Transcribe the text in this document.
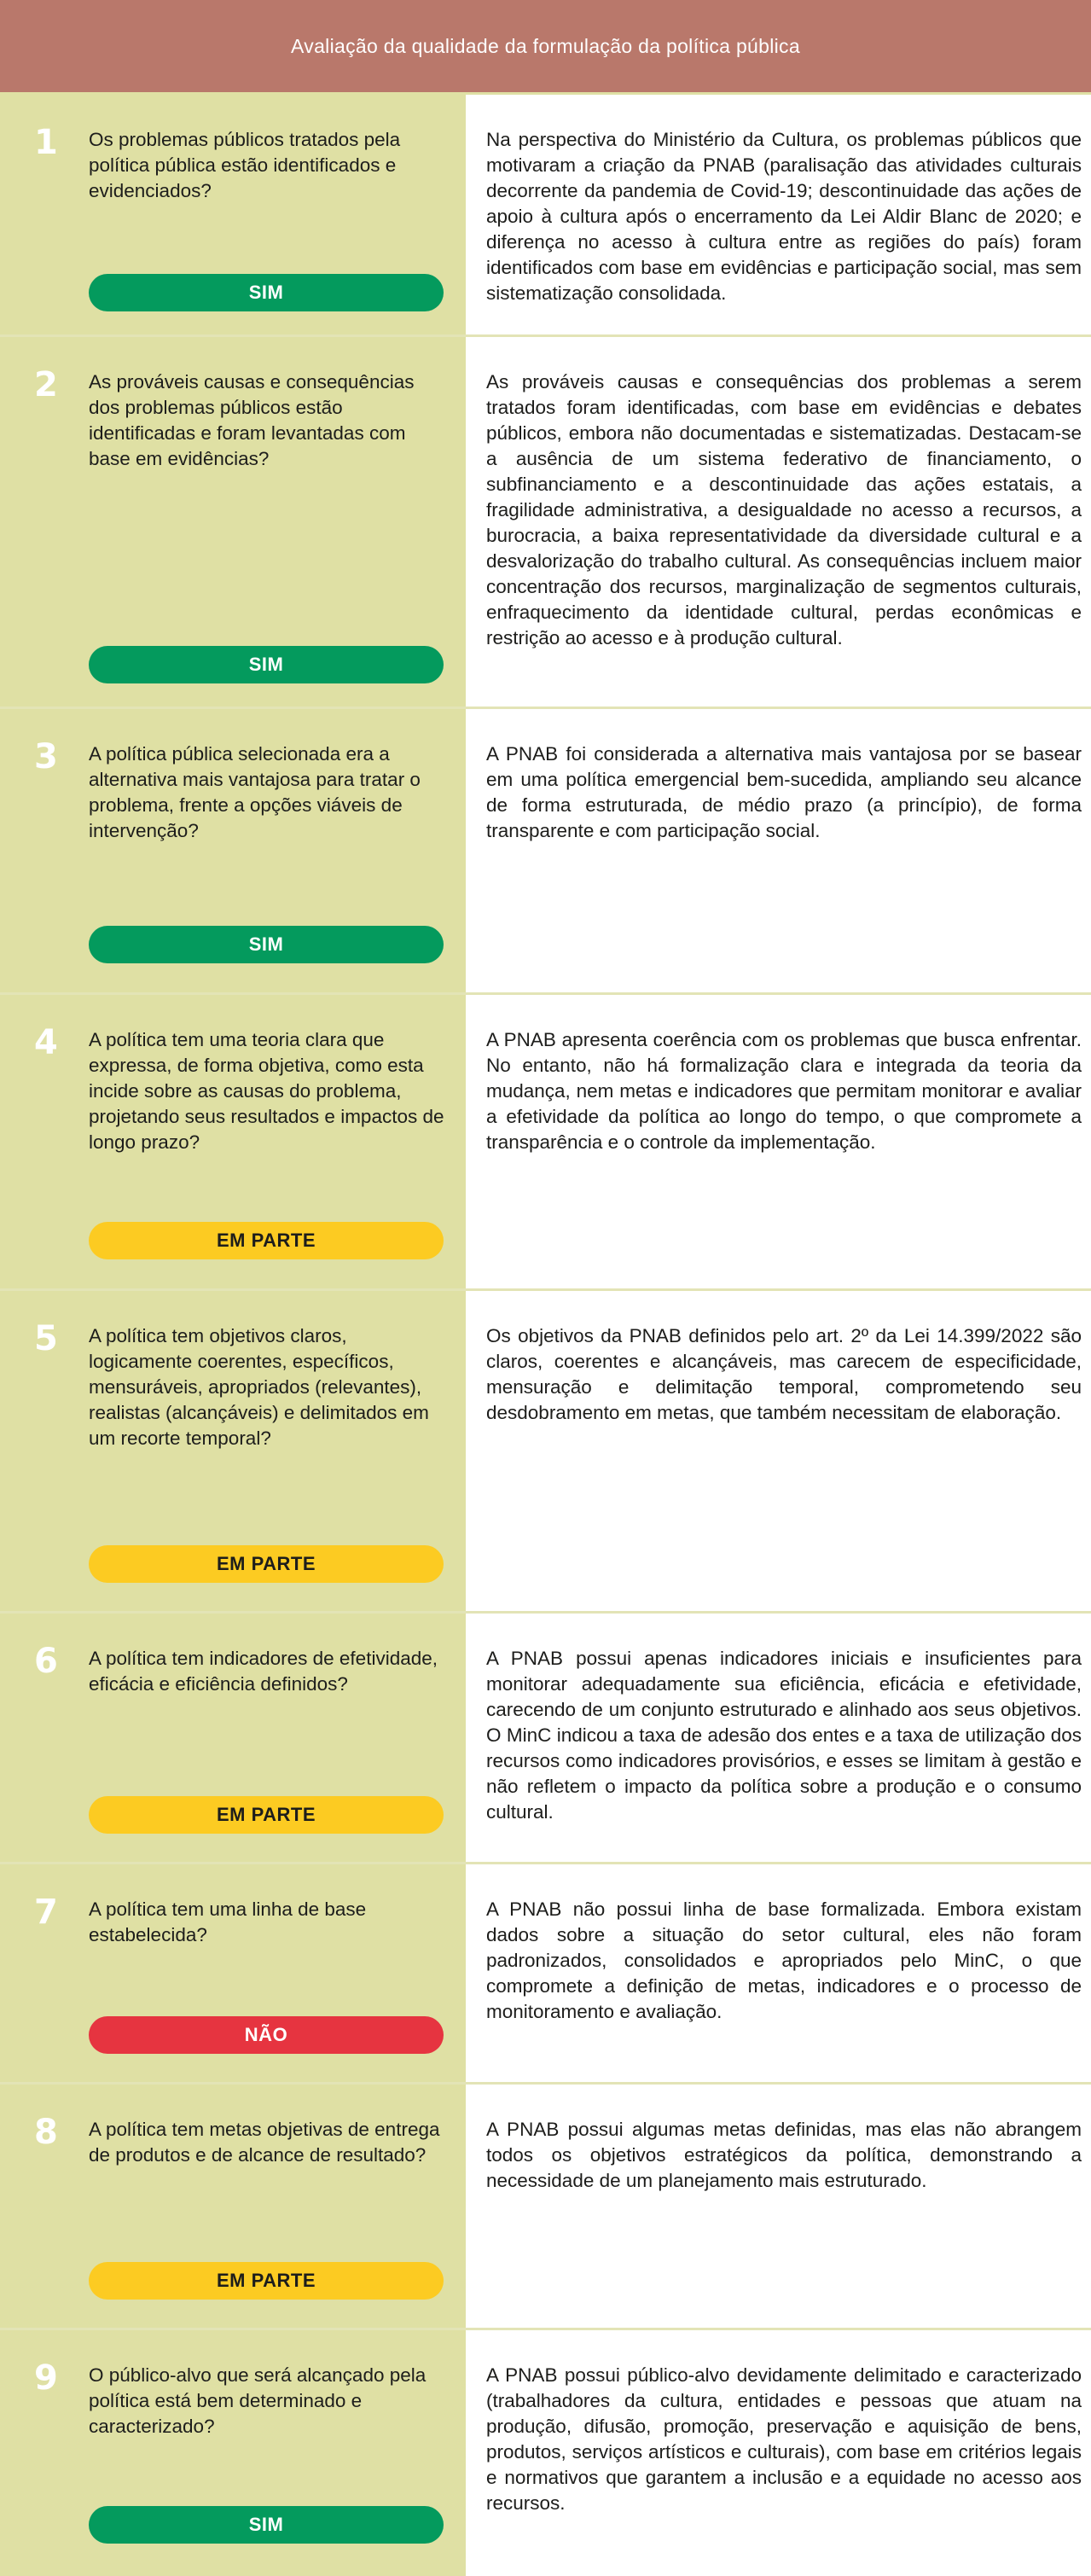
Avaliação da qualidade da formulação da política pública
1 Os problemas públicos tratados pela política pública estão identificados e evidenciados?
SIM
Na perspectiva do Ministério da Cultura, os problemas públicos que motivaram a criação da PNAB (paralisação das atividades culturais decorrente da pandemia de Covid-19; descontinuidade das ações de apoio à cultura após o encerramento da Lei Aldir Blanc de 2020; e diferença no acesso à cultura entre as regiões do país) foram identificados com base em evidências e participação social, mas sem sistematização consolidada.
2 As prováveis causas e consequências dos problemas públicos estão identificadas e foram levantadas com base em evidências?
SIM
As prováveis causas e consequências dos problemas a serem tratados foram identificadas, com base em evidências e debates públicos, embora não documentadas e sistematizadas. Destacam-se a ausência de um sistema federativo de financiamento, o subfinanciamento e a descontinuidade das ações estatais, a fragilidade administrativa, a desigualdade no acesso a recursos, a burocracia, a baixa representatividade da diversidade cultural e a desvalorização do trabalho cultural. As consequências incluem maior concentração dos recursos, marginalização de segmentos culturais, enfraquecimento da identidade cultural, perdas econômicas e restrição ao acesso e à produção cultural.
3 A política pública selecionada era a alternativa mais vantajosa para tratar o problema, frente a opções viáveis de intervenção?
SIM
A PNAB foi considerada a alternativa mais vantajosa por se basear em uma política emergencial bem-sucedida, ampliando seu alcance de forma estruturada, de médio prazo (a princípio), de forma transparente e com participação social.
4 A política tem uma teoria clara que expressa, de forma objetiva, como esta incide sobre as causas do problema, projetando seus resultados e impactos de longo prazo?
EM PARTE
A PNAB apresenta coerência com os problemas que busca enfrentar. No entanto, não há formalização clara e integrada da teoria da mudança, nem metas e indicadores que permitam monitorar e avaliar a efetividade da política ao longo do tempo, o que compromete a transparência e o controle da implementação.
5 A política tem objetivos claros, logicamente coerentes, específicos, mensuráveis, apropriados (relevantes), realistas (alcançáveis) e delimitados em um recorte temporal?
EM PARTE
Os objetivos da PNAB definidos pelo art. 2º da Lei 14.399/2022 são claros, coerentes e alcançáveis, mas carecem de especificidade, mensuração e delimitação temporal, comprometendo seu desdobramento em metas, que também necessitam de elaboração.
6 A política tem indicadores de efetividade, eficácia e eficiência definidos?
EM PARTE
A PNAB possui apenas indicadores iniciais e insuficientes para monitorar adequadamente sua eficiência, eficácia e efetividade, carecendo de um conjunto estruturado e alinhado aos seus objetivos. O MinC indicou a taxa de adesão dos entes e a taxa de utilização dos recursos como indicadores provisórios, e esses se limitam à gestão e não refletem o impacto da política sobre a produção e o consumo cultural.
7 A política tem uma linha de base estabelecida?
NÃO
A PNAB não possui linha de base formalizada. Embora existam dados sobre a situação do setor cultural, eles não foram padronizados, consolidados e apropriados pelo MinC, o que compromete a definição de metas, indicadores e o processo de monitoramento e avaliação.
8 A política tem metas objetivas de entrega de produtos e de alcance de resultado?
EM PARTE
A PNAB possui algumas metas definidas, mas elas não abrangem todos os objetivos estratégicos da política, demonstrando a necessidade de um planejamento mais estruturado.
9 O público-alvo que será alcançado pela política está bem determinado e caracterizado?
SIM
A PNAB possui público-alvo devidamente delimitado e caracterizado (trabalhadores da cultura, entidades e pessoas que atuam na produção, difusão, promoção, preservação e aquisição de bens, produtos, serviços artísticos e culturais), com base em critérios legais e normativos que garantem a inclusão e a equidade no acesso aos recursos.
